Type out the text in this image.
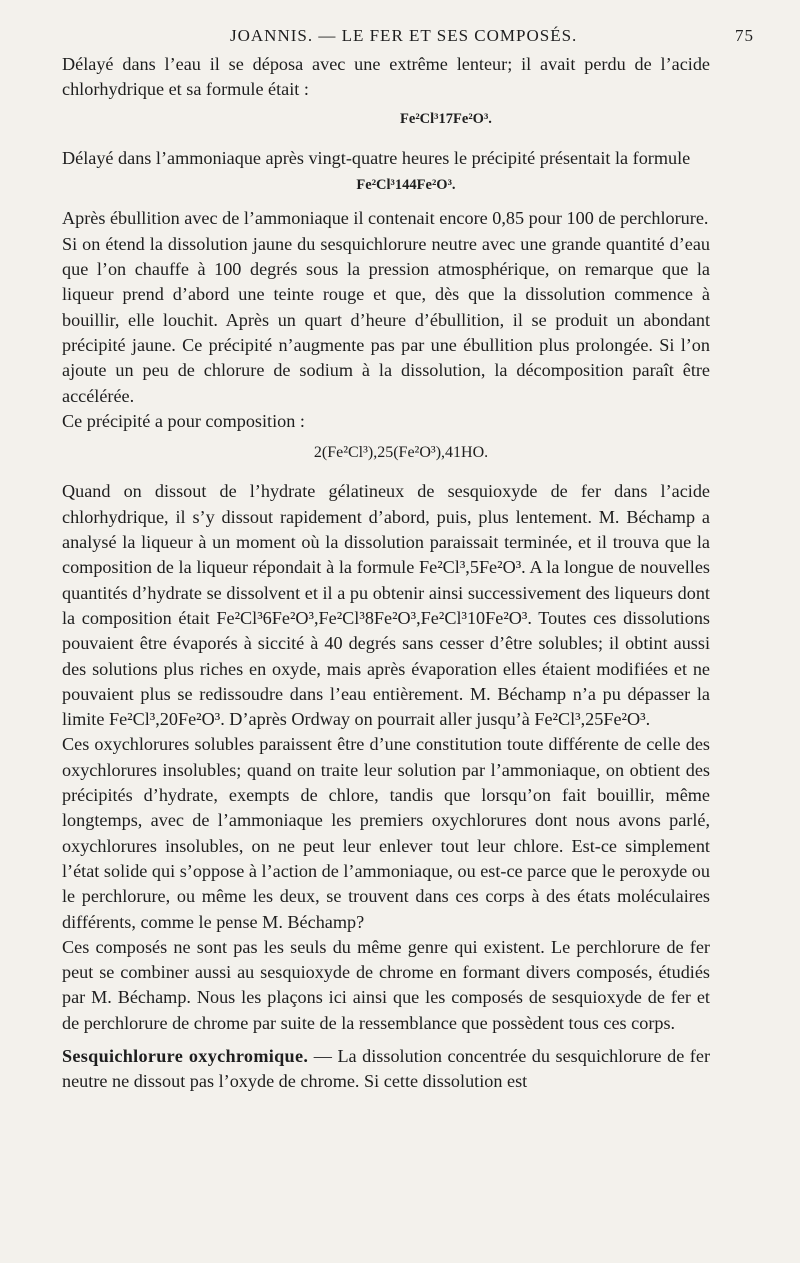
JOANNIS. — LE FER ET SES COMPOSÉS.	75

Délayé dans l’eau il se déposa avec une extrême lenteur; il avait perdu de l’acide chlorhydrique et sa formule était :

Fe²Cl³17Fe²O³.

Délayé dans l’ammoniaque après vingt-quatre heures le précipité présentait la formule

Fe²Cl³144Fe²O³.

Après ébullition avec de l’ammoniaque il contenait encore 0,85 pour 100 de perchlorure.

Si on étend la dissolution jaune du sesquichlorure neutre avec une grande quantité d’eau que l’on chauffe à 100 degrés sous la pression atmosphérique, on remarque que la liqueur prend d’abord une teinte rouge et que, dès que la dissolution commence à bouillir, elle louchit. Après un quart d’heure d’ébullition, il se produit un abondant précipité jaune. Ce précipité n’augmente pas par une ébullition plus prolongée. Si l’on ajoute un peu de chlorure de sodium à la dissolution, la décomposition paraît être accélérée.

Ce précipité a pour composition :

2(Fe²Cl³),25(Fe²O³),41HO.

Quand on dissout de l’hydrate gélatineux de sesquioxyde de fer dans l’acide chlorhydrique, il s’y dissout rapidement d’abord, puis, plus lentement. M. Béchamp a analysé la liqueur à un moment où la dissolution paraissait terminée, et il trouva que la composition de la liqueur répondait à la formule Fe²Cl³,5Fe²O³. A la longue de nouvelles quantités d’hydrate se dissolvent et il a pu obtenir ainsi successivement des liqueurs dont la composition était Fe²Cl³6Fe²O³,Fe²Cl³8Fe²O³,Fe²Cl³10Fe²O³. Toutes ces dissolutions pouvaient être évaporés à siccité à 40 degrés sans cesser d’être solubles; il obtint aussi des solutions plus riches en oxyde, mais après évaporation elles étaient modifiées et ne pouvaient plus se redissoudre dans l’eau entièrement. M. Béchamp n’a pu dépasser la limite Fe²Cl³,20Fe²O³. D’après Ordway on pourrait aller jusqu’à Fe²Cl³,25Fe²O³.

Ces oxychlorures solubles paraissent être d’une constitution toute différente de celle des oxychlorures insolubles; quand on traite leur solution par l’ammoniaque, on obtient des précipités d’hydrate, exempts de chlore, tandis que lorsqu’on fait bouillir, même longtemps, avec de l’ammoniaque les premiers oxychlorures dont nous avons parlé, oxychlorures insolubles, on ne peut leur enlever tout leur chlore. Est-ce simplement l’état solide qui s’oppose à l’action de l’ammoniaque, ou est-ce parce que le peroxyde ou le perchlorure, ou même les deux, se trouvent dans ces corps à des états moléculaires différents, comme le pense M. Béchamp?

Ces composés ne sont pas les seuls du même genre qui existent. Le perchlorure de fer peut se combiner aussi au sesquioxyde de chrome en formant divers composés, étudiés par M. Béchamp. Nous les plaçons ici ainsi que les composés de sesquioxyde de fer et de perchlorure de chrome par suite de la ressemblance que possèdent tous ces corps.

Sesquichlorure oxychromique. — La dissolution concentrée du sesquichlorure de fer neutre ne dissout pas l’oxyde de chrome. Si cette dissolution est
